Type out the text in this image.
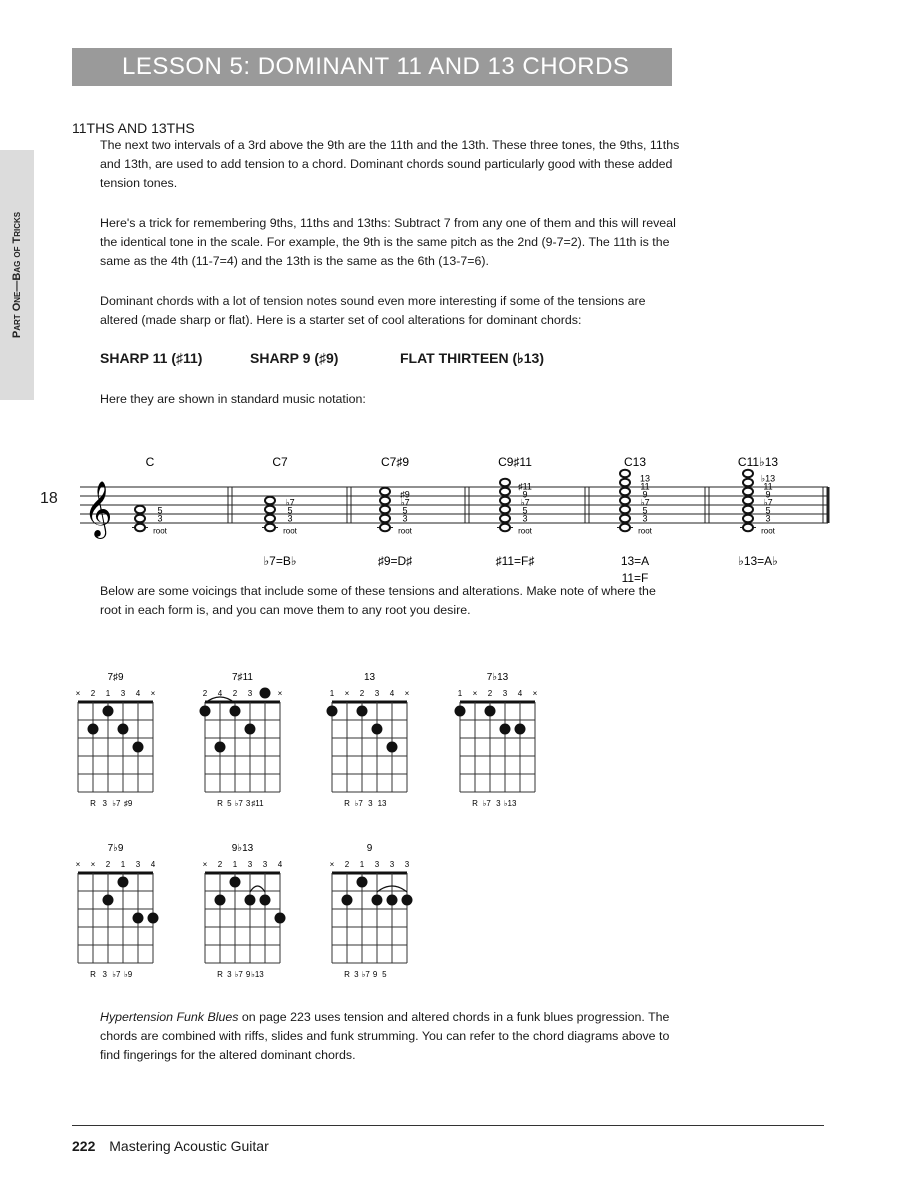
LESSON 5: DOMINANT 11 AND 13 CHORDS
Part One—Bag of Tricks
11THS AND 13THS
The next two intervals of a 3rd above the 9th are the 11th and the 13th. These three tones, the 9ths, 11ths and 13th, are used to add tension to a chord. Dominant chords sound particularly good with these added tension tones.
Here's a trick for remembering 9ths, 11ths and 13ths: Subtract 7 from any one of them and this will reveal the identical tone in the scale. For example, the 9th is the same pitch as the 2nd (9-7=2). The 11th is the same as the 4th (11-7=4) and the 13th is the same as the 6th (13-7=6).
Dominant chords with a lot of tension notes sound even more interesting if some of the tensions are altered (made sharp or flat). Here is a starter set of cool alterations for dominant chords:
SHARP 11 (♯11)	SHARP 9 (♯9)	FLAT THIRTEEN (♭13)
Here they are shown in standard music notation:
18 𝄞
C
5
3
root
C7
♭7
5
3
root
C7♯9
♯9
♭7
5
3
root
C9♯11
♯11
9
♭7
5
3
root
C13
13
11
9
♭7
5
3
root
C11♭13
♭13
11
9
♭7
5
3
root
♭7=B♭	♯9=D♯	♯11=F♯	13=A
11=F
♭13=A♭
Below are some voicings that include some of these tensions and alterations. Make note of where the root in each form is, and you can move them to any root you desire.
7♯9
× 2 1 3 4 ×
R 3 ♭7 ♯9
7♯11
2 4 2 3	×
R 5 ♭7 3 ♯11
13
1 × 2 3 4 ×
R ♭7 3 13
7♭13
1 × 2 3 4 ×
R ♭7 3 ♭13
7♭9
× × 2 1 3 4
R 3 ♭7 ♭9
9♭13
× 2 1 3 3 4
R 3 ♭7 9 ♭13
9
× 2 1 3 3 3
R 3 ♭7 9 5
Hypertension Funk Blues on page 223 uses tension and altered chords in a funk blues progression. The chords are combined with riffs, slides and funk strumming. You can refer to the chord diagrams above to find fingerings for the altered dominant chords.
222 Mastering Acoustic Guitar
